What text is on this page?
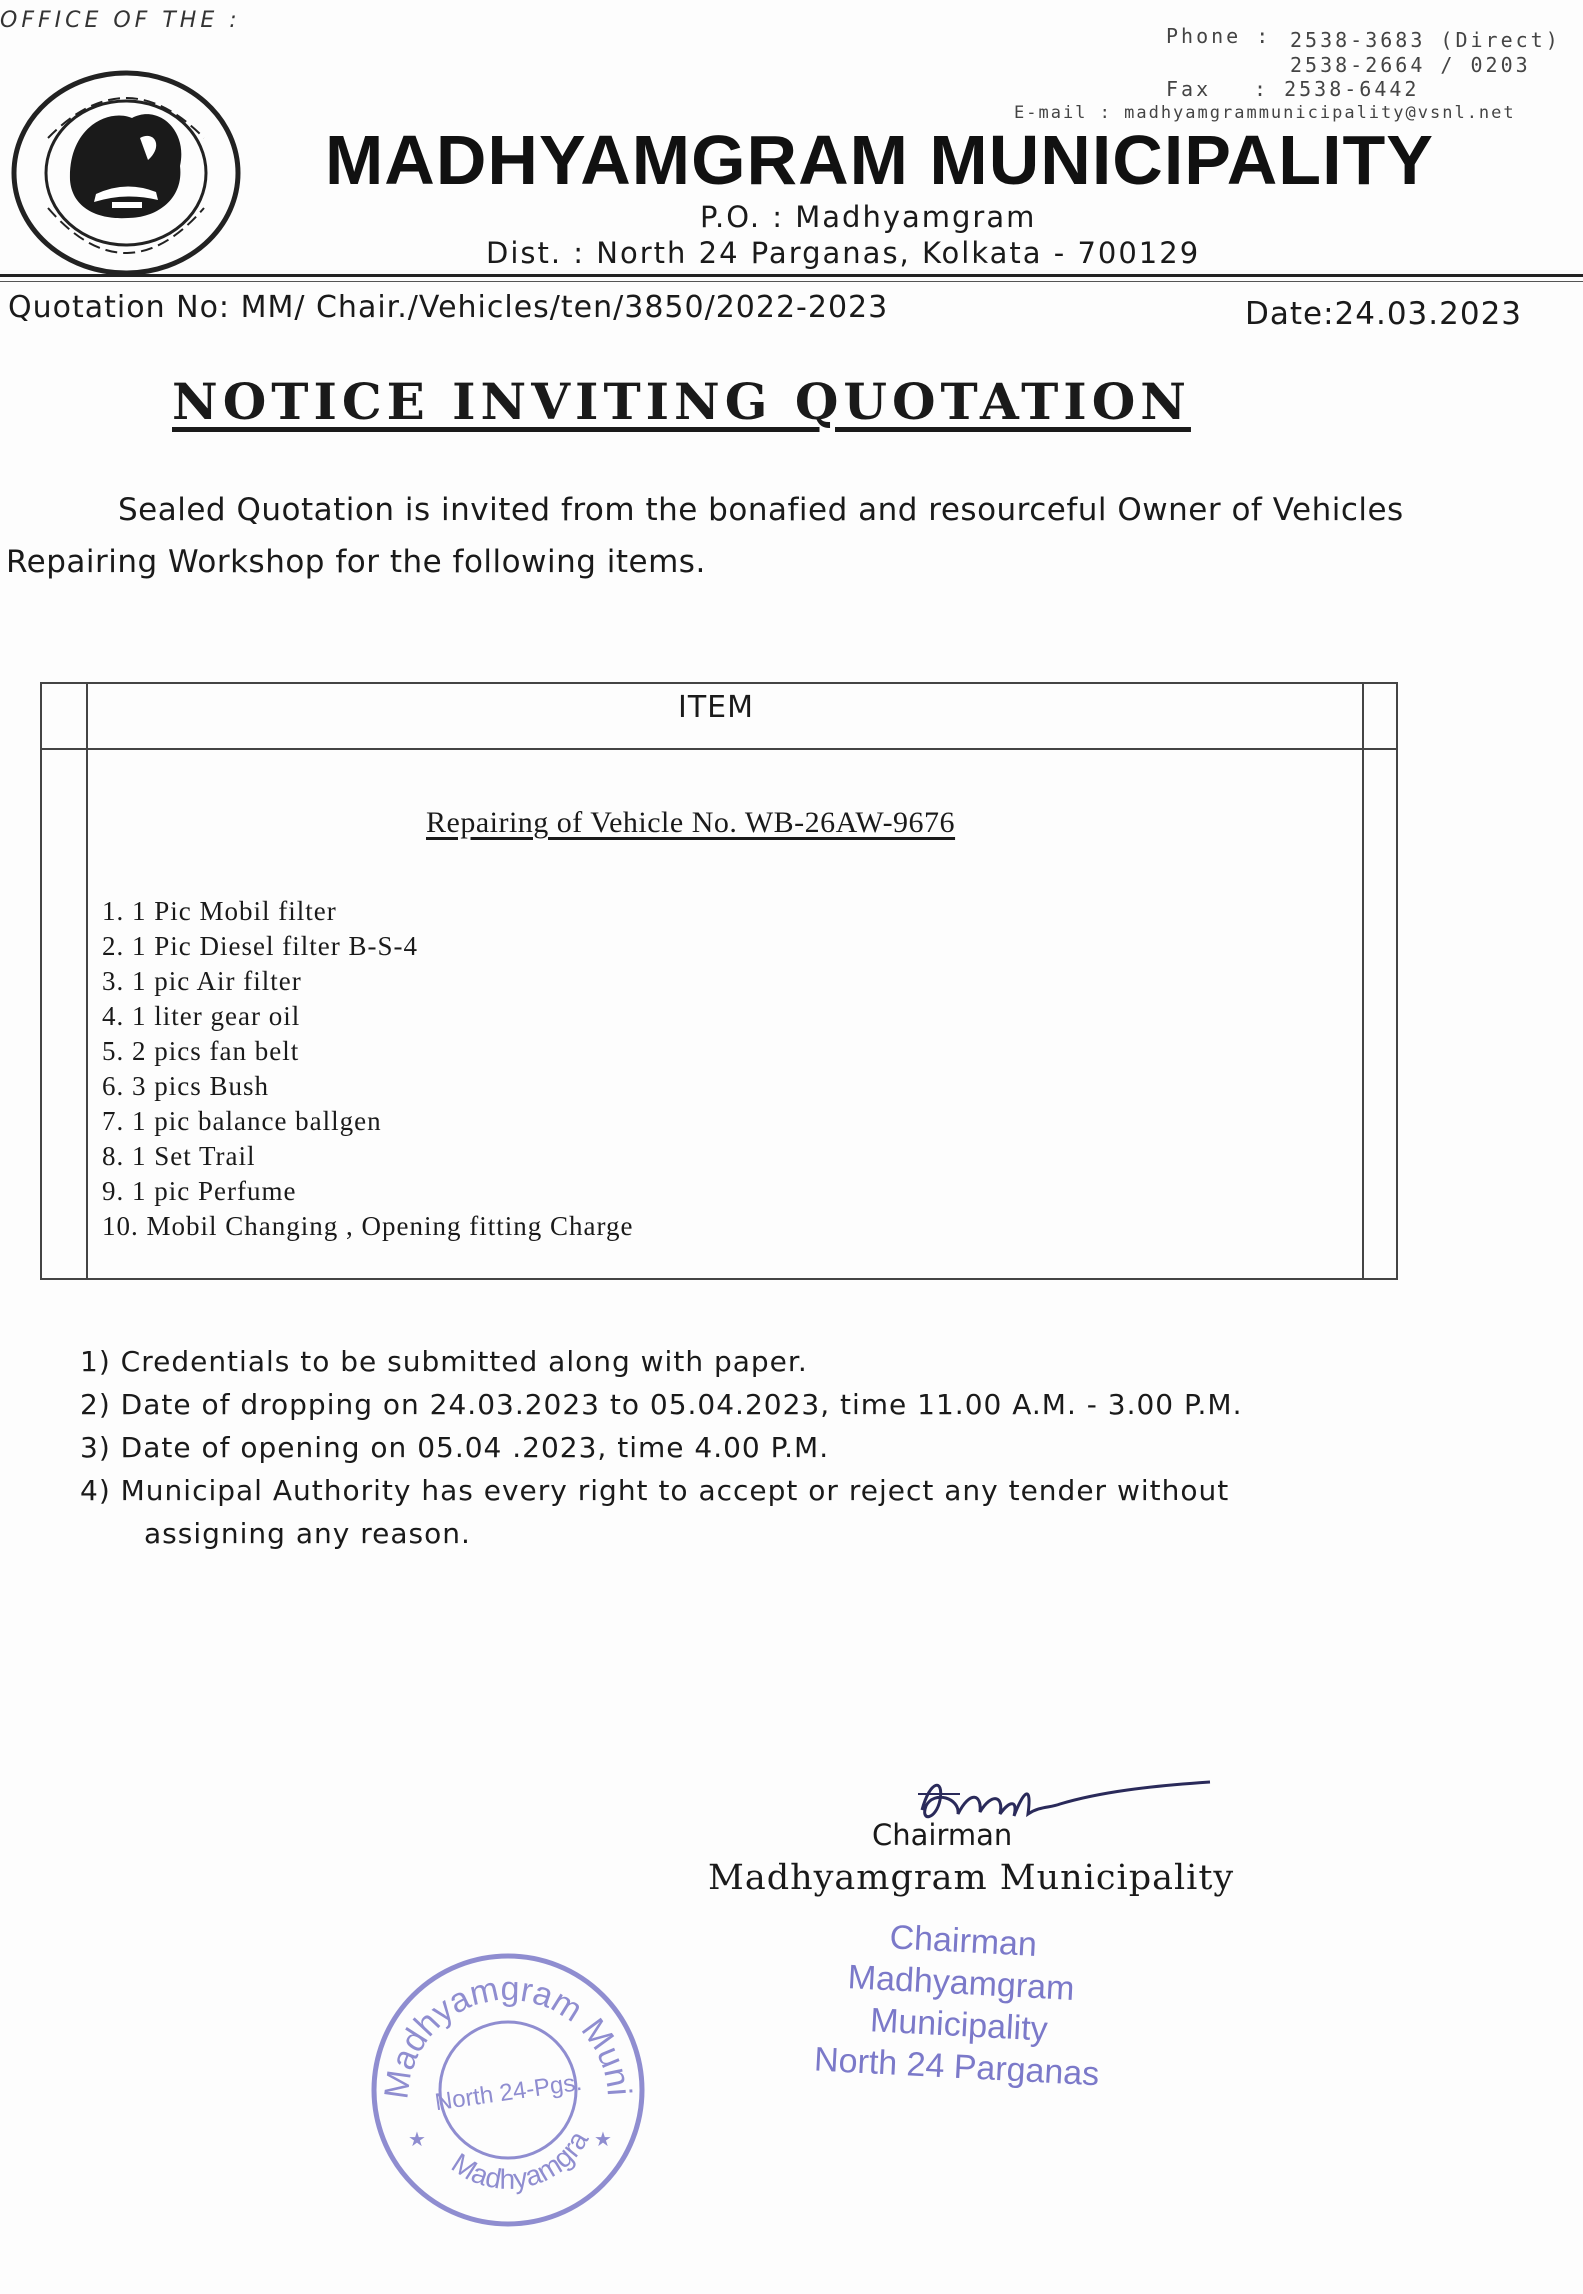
OFFICE OF THE :
Phone : 2538-3683 (Direct)
2538-2664 / 0203
Fax : 2538-6442
E-mail : madhyamgrammunicipality@vsnl.net
MADHYAMGRAM MUNICIPALITY
P.O. : Madhyamgram
Dist. : North 24 Parganas, Kolkata - 700129
Quotation No: MM/ Chair./Vehicles/ten/3850/2022-2023	Date:24.03.2023
NOTICE INVITING QUOTATION
Sealed Quotation is invited from the bonafied and resourceful Owner of Vehicles Repairing Workshop for the following items.
ITEM
Repairing of Vehicle No. WB-26AW-9676
1. 1 Pic Mobil filter
2. 1 Pic Diesel filter B-S-4
3. 1 pic Air filter
4. 1 liter gear oil
5. 2 pics fan belt
6. 3 pics Bush
7. 1 pic balance ballgen
8. 1 Set Trail
9. 1 pic Perfume
10. Mobil Changing , Opening fitting Charge
1) Credentials to be submitted along with paper.
2) Date of dropping on 24.03.2023 to 05.04.2023, time 11.00 A.M. - 3.00 P.M.
3) Date of opening on 05.04 .2023, time 4.00 P.M.
4) Municipal Authority has every right to accept or reject any tender without
assigning any reason.
Chairman
Madhyamgram Municipality
Chairman
Madhyamgram Municipality
North 24 Parganas
Madhyamgram Muni
Madhyamgra
North 24-Pgs.
★	★
